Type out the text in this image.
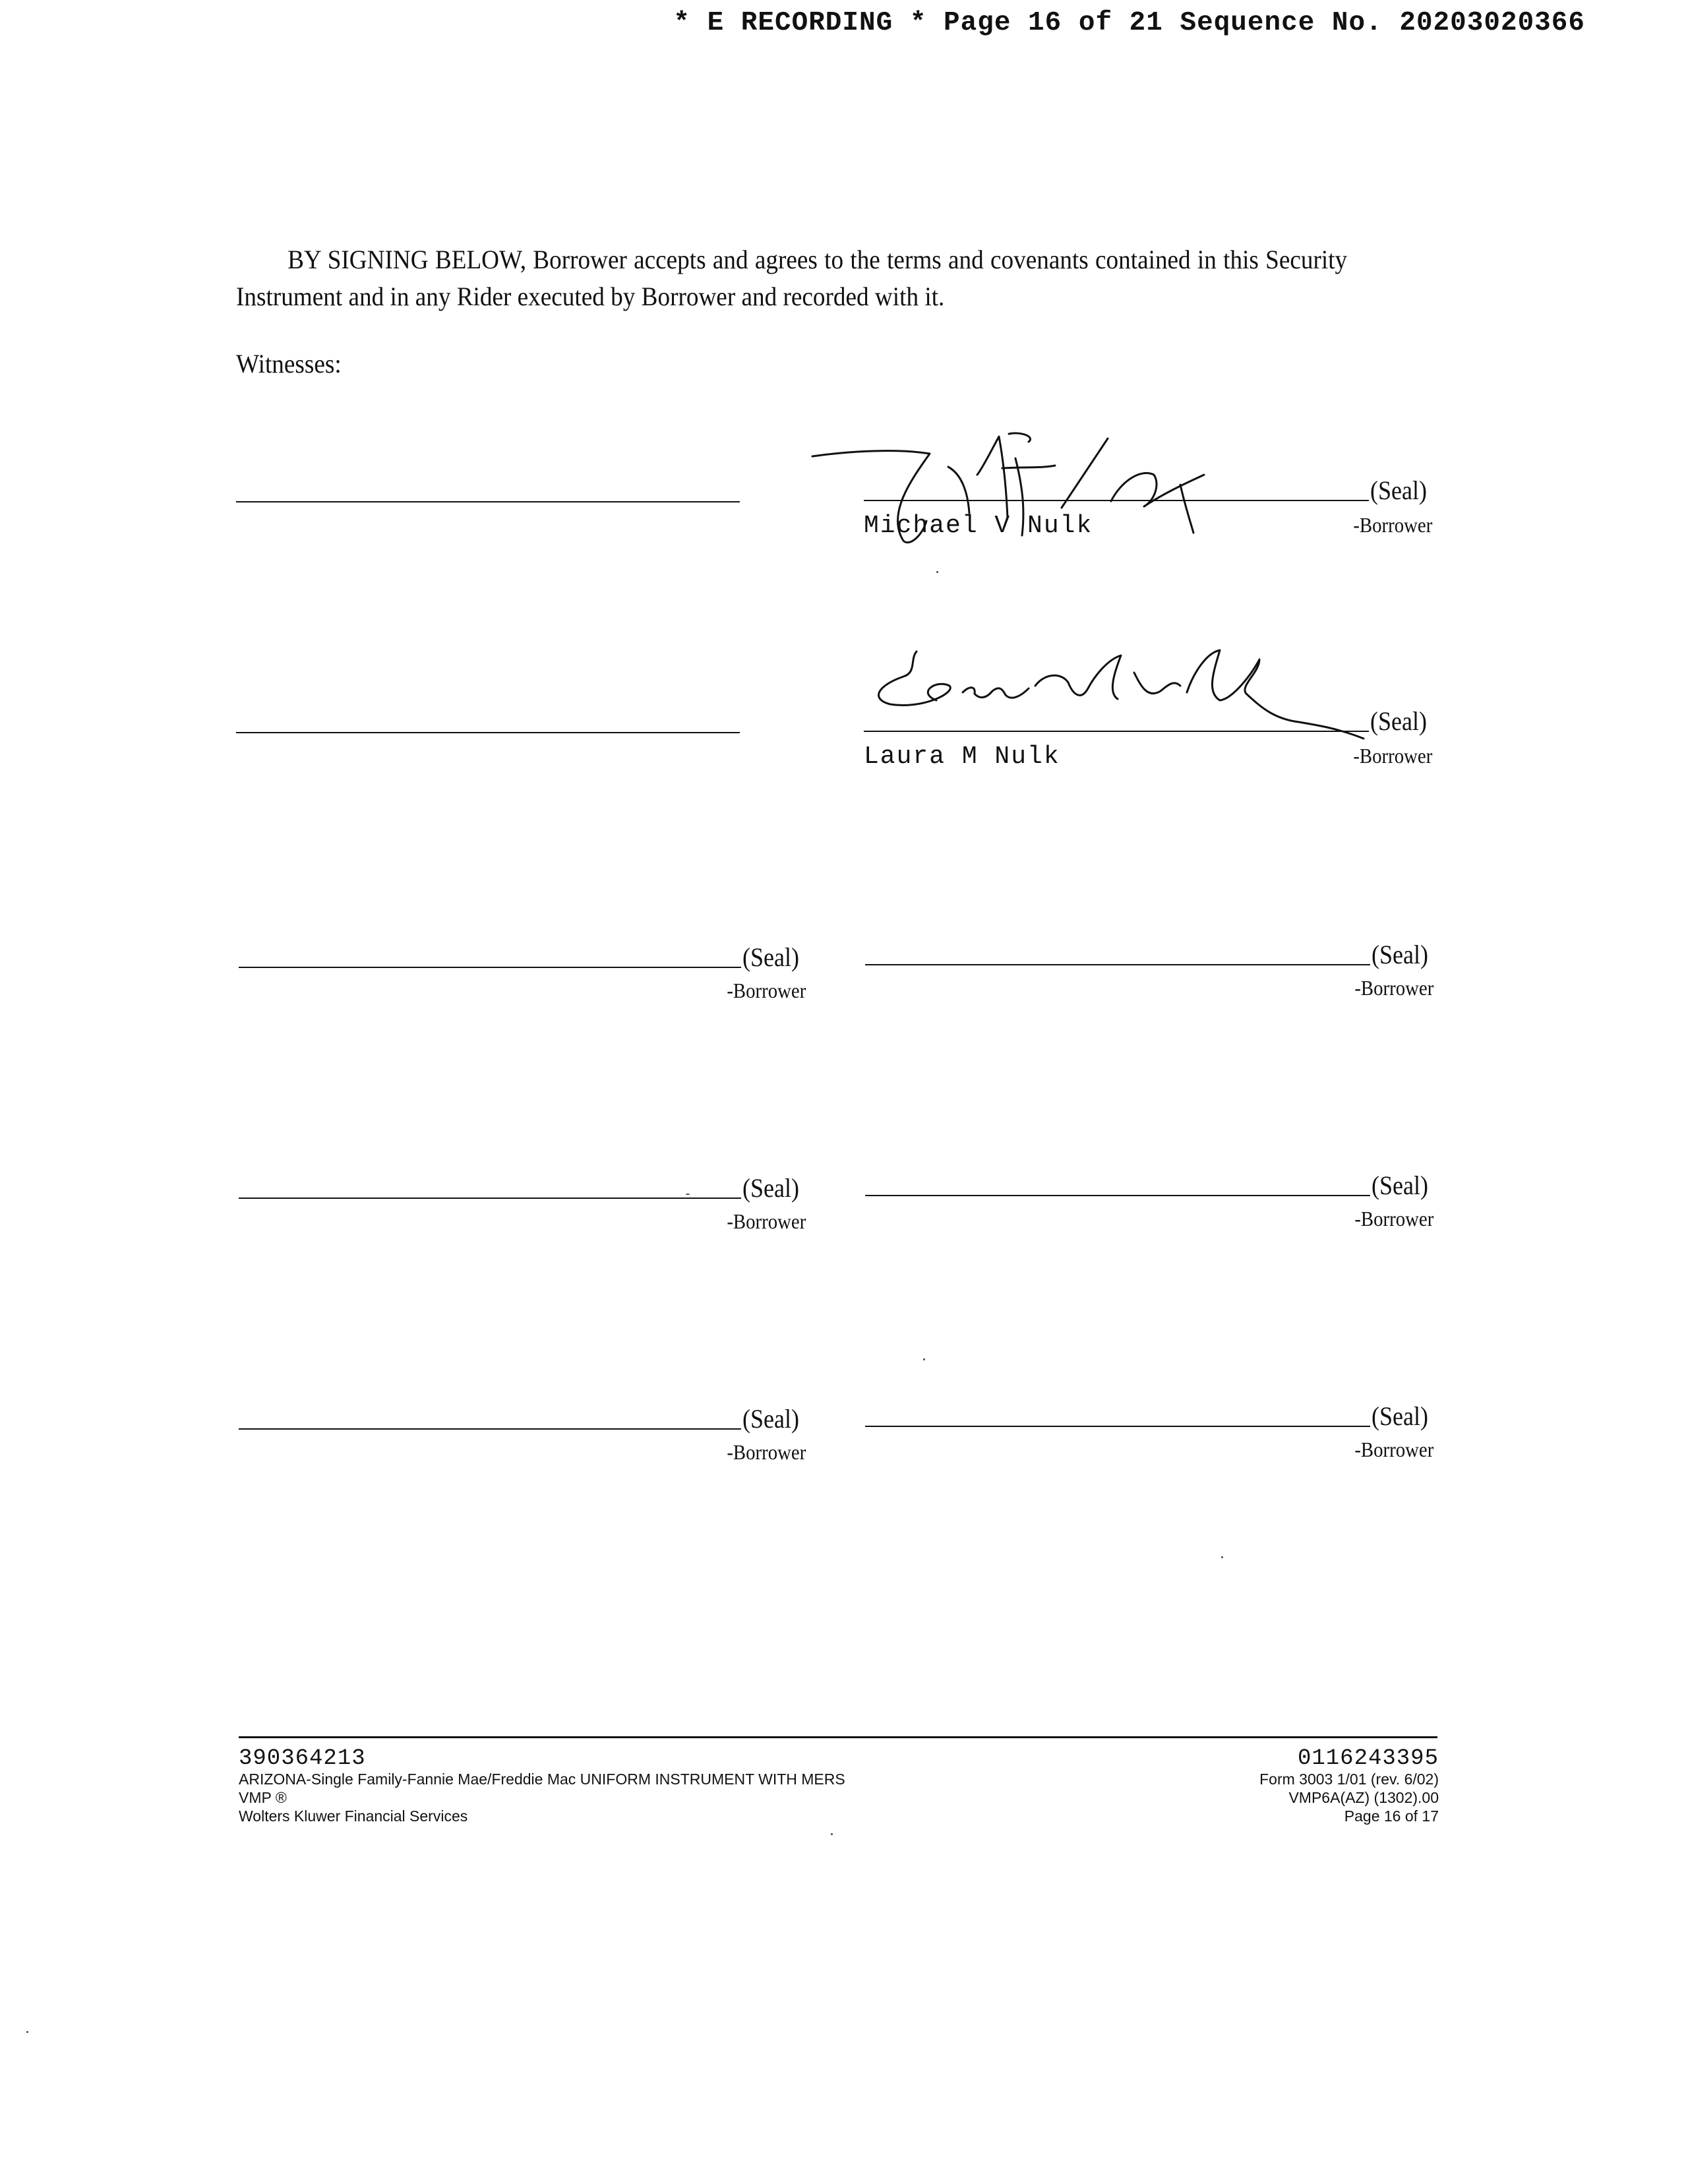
* E RECORDING * Page 16 of 21 Sequence No. 20203020366

BY SIGNING BELOW, Borrower accepts and agrees to the terms and covenants contained in this Security Instrument and in any Rider executed by Borrower and recorded with it.

Witnesses:
(Seal)
Michael V Nulk	-Borrower
(Seal)
Laura M Nulk	-Borrower
(Seal)
-Borrower
(Seal)
-Borrower
(Seal)
-Borrower
(Seal)
-Borrower
(Seal)
-Borrower
(Seal)
-Borrower
390364213
ARIZONA-Single Family-Fannie Mae/Freddie Mac UNIFORM INSTRUMENT WITH MERS
VMP ®
Wolters Kluwer Financial Services
0116243395
Form 3003 1/01 (rev. 6/02)
VMP6A(AZ) (1302).00
Page 16 of 17
